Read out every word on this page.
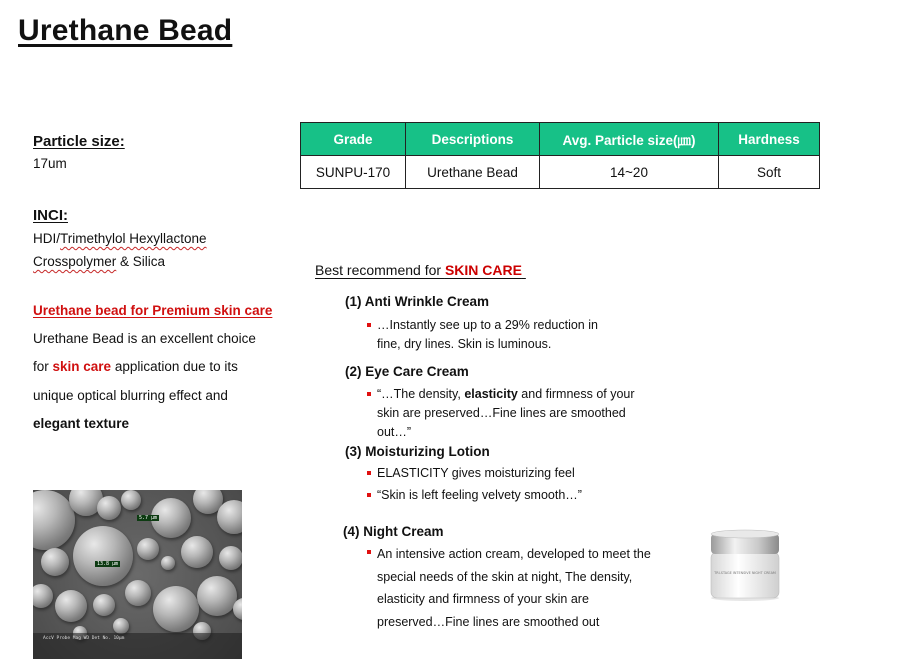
Urethane Bead
Particle size:
17um
INCI:
HDI/Trimethylol Hexyllactone
Crosspolymer & Silica
Urethane bead for Premium skin care
Urethane Bead is an excellent choice
for skin care application due to its
unique optical blurring effect and
elegant texture
5.7 μm
13.8 μm
AccV Probe Mag WD Det No. 10μm
Grade	Descriptions	Avg. Particle size(㎛)	Hardness
SUNPU-170	Urethane Bead	14~20	Soft
Best recommend for SKIN CARE
(1) Anti Wrinkle Cream
…Instantly see up to a 29% reduction in
fine, dry lines. Skin is luminous.
(2) Eye Care Cream
“…The density, elasticity and firmness of your
skin are preserved…Fine lines are smoothed
out…”
(3) Moisturizing Lotion
ELASTICITY gives moisturizing feel
“Skin is left feeling velvety smooth…”
(4) Night Cream
An intensive action cream, developed to meet the
special needs of the skin at night, The density,
elasticity and firmness of your skin are
preserved…Fine lines are smoothed out
TRI-STAGE INTENSIVE NIGHT CREAM
